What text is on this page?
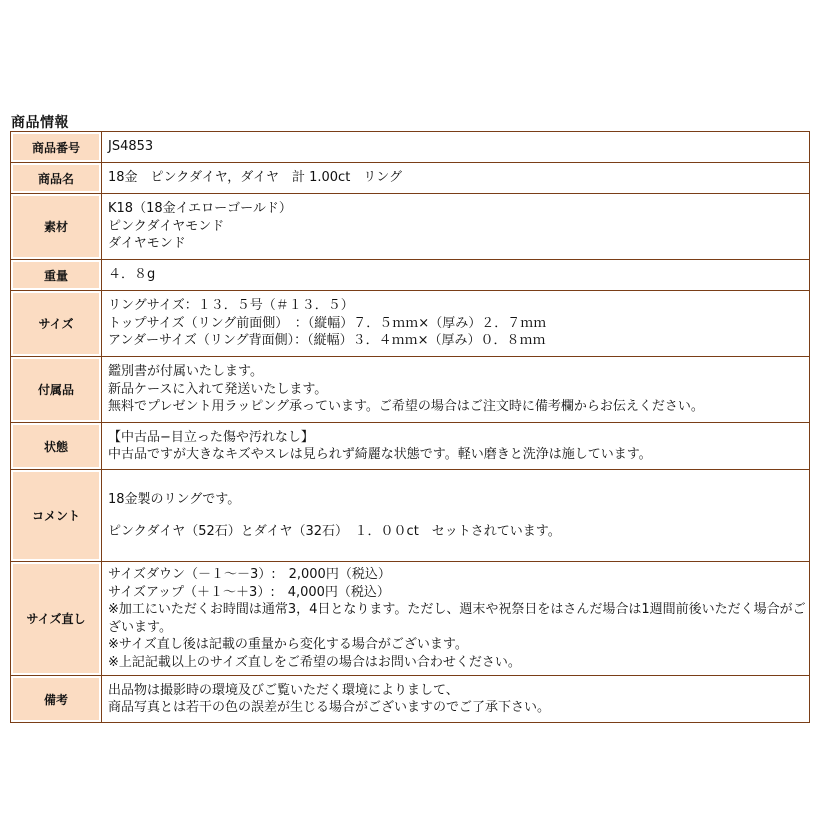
商品情報
商品番号	JS4853

商品名	18金　ピンクダイヤ，ダイヤ　計 1.00ct　リング

素材	K18（18金イエローゴールド）
ピンクダイヤモンド
ダイヤモンド

重量	４．８g

サイズ	リングサイズ：１３．５号（＃１３．５）
トップサイズ（リング前面側）　：（縦幅）７．５ｍｍ×（厚み）２．７ｍｍ
アンダーサイズ（リング背面側）：（縦幅）３．４ｍｍ×（厚み）０．８ｍｍ

付属品	鑑別書が付属いたします。
新品ケースに入れて発送いたします。
無料でプレゼント用ラッピング承っています。ご希望の場合はご注文時に備考欄からお伝えください。

状態	【中古品−目立った傷や汚れなし】
中古品ですが大きなキズやスレは見られず綺麗な状態です。軽い磨きと洗浄は施しています。

コメント	18金製のリングです。
ピンクダイヤ（52石）とダイヤ（32石）　１．００ct　セットされています。

サイズ直し	サイズダウン（－１～－3）:　2,000円（税込）
サイズアップ（＋１～＋3）:　4,000円（税込）
※加工にいただくお時間は通常3，4日となります。ただし、週末や祝祭日をはさんだ場合は1週間前後いただく場合がございます。
※サイズ直し後は記載の重量から変化する場合がございます。
※上記記載以上のサイズ直しをご希望の場合はお問い合わせください。

備考	出品物は撮影時の環境及びご覧いただく環境によりまして、
商品写真とは若干の色の誤差が生じる場合がございますのでご了承下さい。
